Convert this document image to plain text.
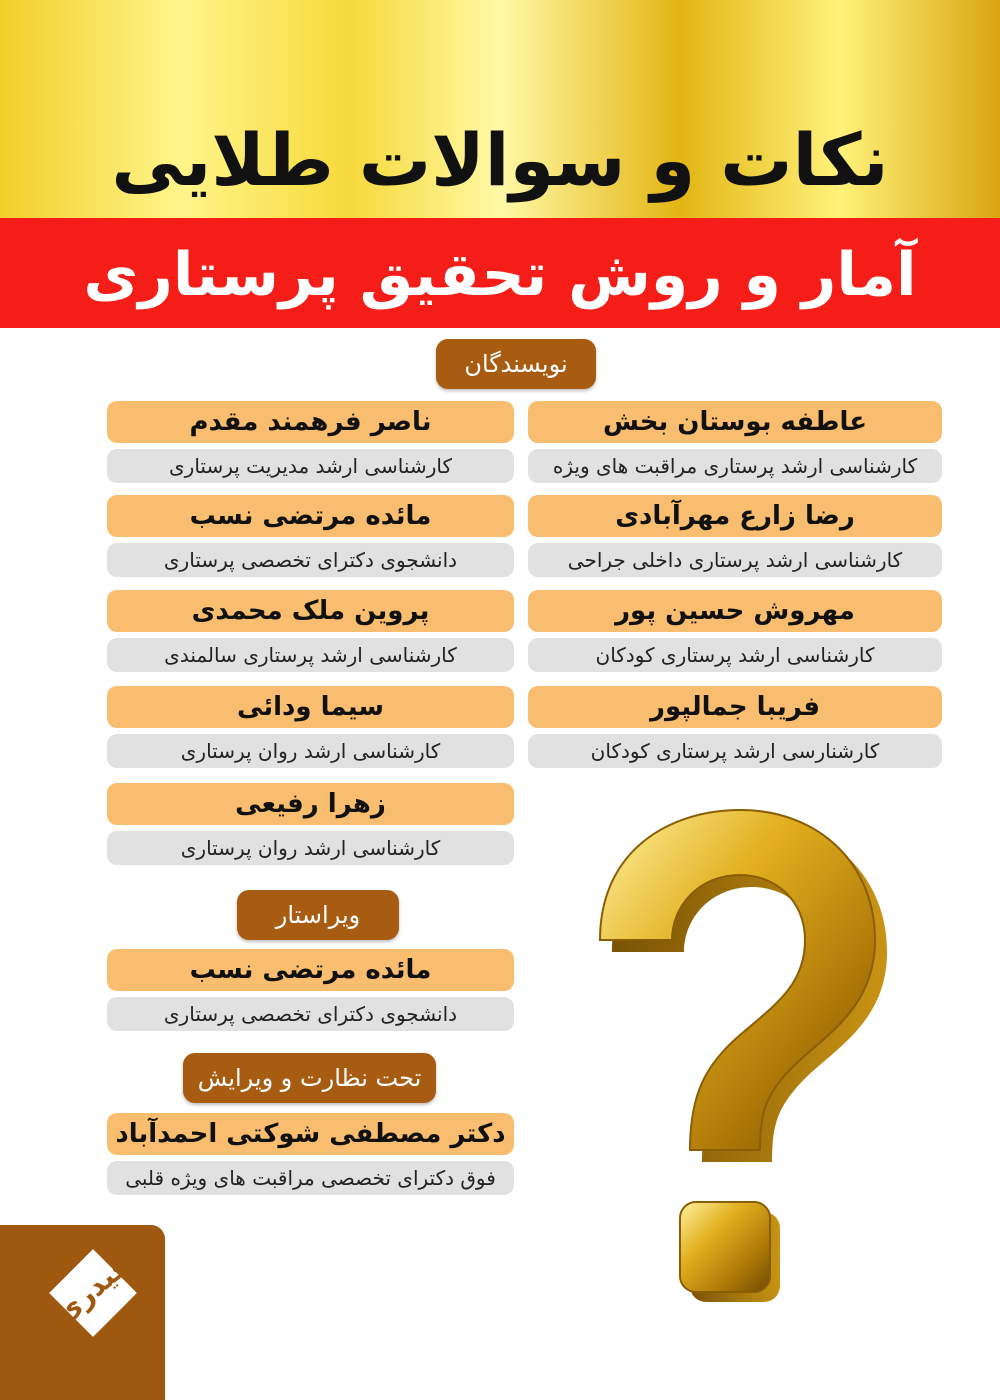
نکات و سوالات طلایی
آمار و روش تحقیق پرستاری
نویسندگان
عاطفه بوستان بخش
کارشناسی ارشد پرستاری مراقبت های ویژه
ناصر فرهمند مقدم
کارشناسی ارشد مدیریت پرستاری
رضا زارع مهرآبادی
کارشناسی ارشد پرستاری داخلی جراحی
مائده مرتضی نسب
دانشجوی دکترای تخصصی پرستاری
مهروش حسین پور
کارشناسی ارشد پرستاری کودکان
پروین ملک محمدی
کارشناسی ارشد پرستاری سالمندی
فریبا جمالپور
کارشنارسی ارشد پرستاری کودکان
سیما ودائی
کارشناسی ارشد روان پرستاری
زهرا رفیعی
کارشناسی ارشد روان پرستاری
ویراستار
مائده مرتضی نسب
دانشجوی دکترای تخصصی پرستاری
تحت نظارت و ویرایش
دکتر مصطفی شوکتی احمدآباد
فوق دکترای تخصصی مراقبت های ویژه قلبی
حیدری
